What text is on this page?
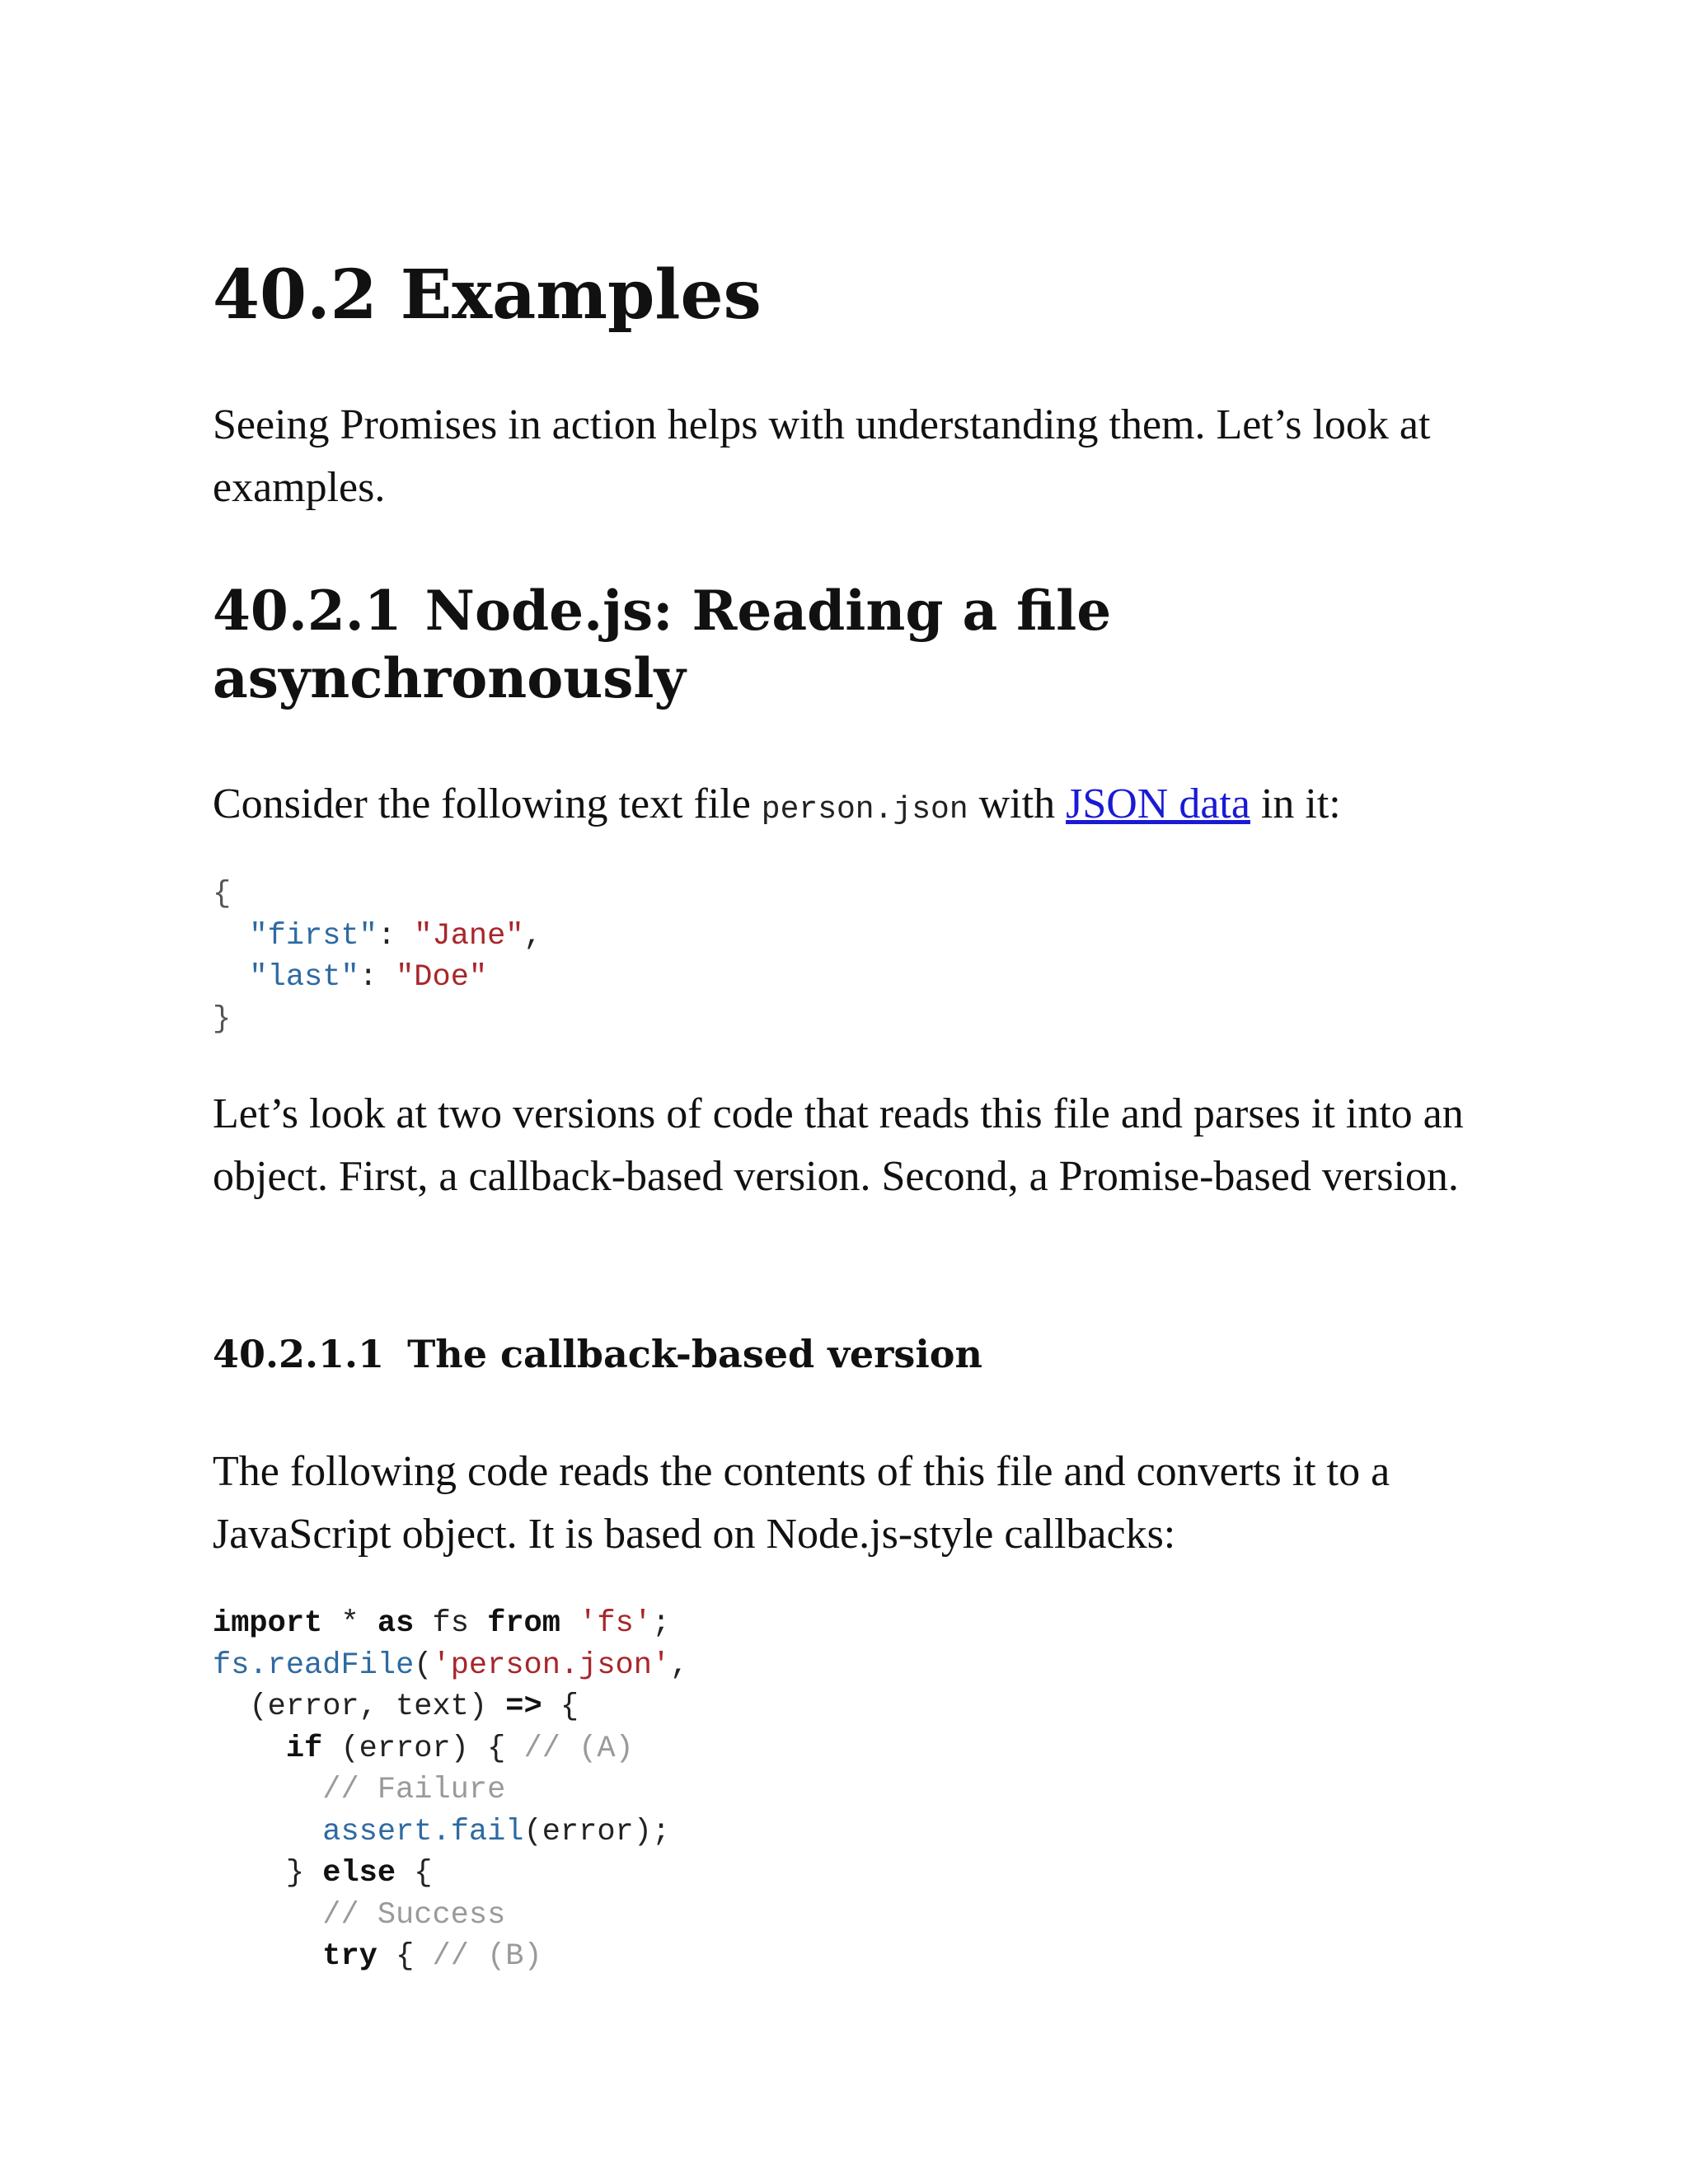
40.2 Examples

Seeing Promises in action helps with understanding them. Let’s look at examples.

40.2.1 Node.js: Reading a file asynchronously

Consider the following text file person.json with JSON data in it:

{
"first": "Jane",
"last": "Doe"
}

Let’s look at two versions of code that reads this file and parses it into an object. First, a callback-based version. Second, a Promise-based version.

40.2.1.1 The callback-based version

The following code reads the contents of this file and converts it to a JavaScript object. It is based on Node.js-style callbacks:

import * as fs from 'fs';
fs.readFile('person.json',
(error, text) => {
if (error) { // (A)
// Failure
assert.fail(error);
} else {
// Success
try { // (B)
